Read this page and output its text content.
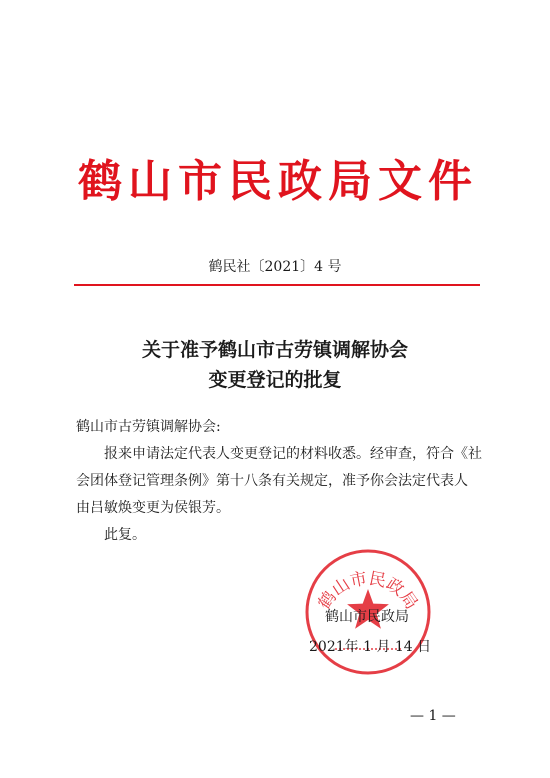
鹤山市民政局文件
鹤民社〔2021〕4 号
关于准予鹤山市古劳镇调解协会
变更登记的批复
鹤山市古劳镇调解协会:
报来申请法定代表人变更登记的材料收悉。经审查，符合《社
会团体登记管理条例》第十八条有关规定，准予你会法定代表人
由吕敏焕变更为侯银芳。
此复。
鹤山市民政局
鹤山市民政局
2021年 1 月 14 日
— 1 —
